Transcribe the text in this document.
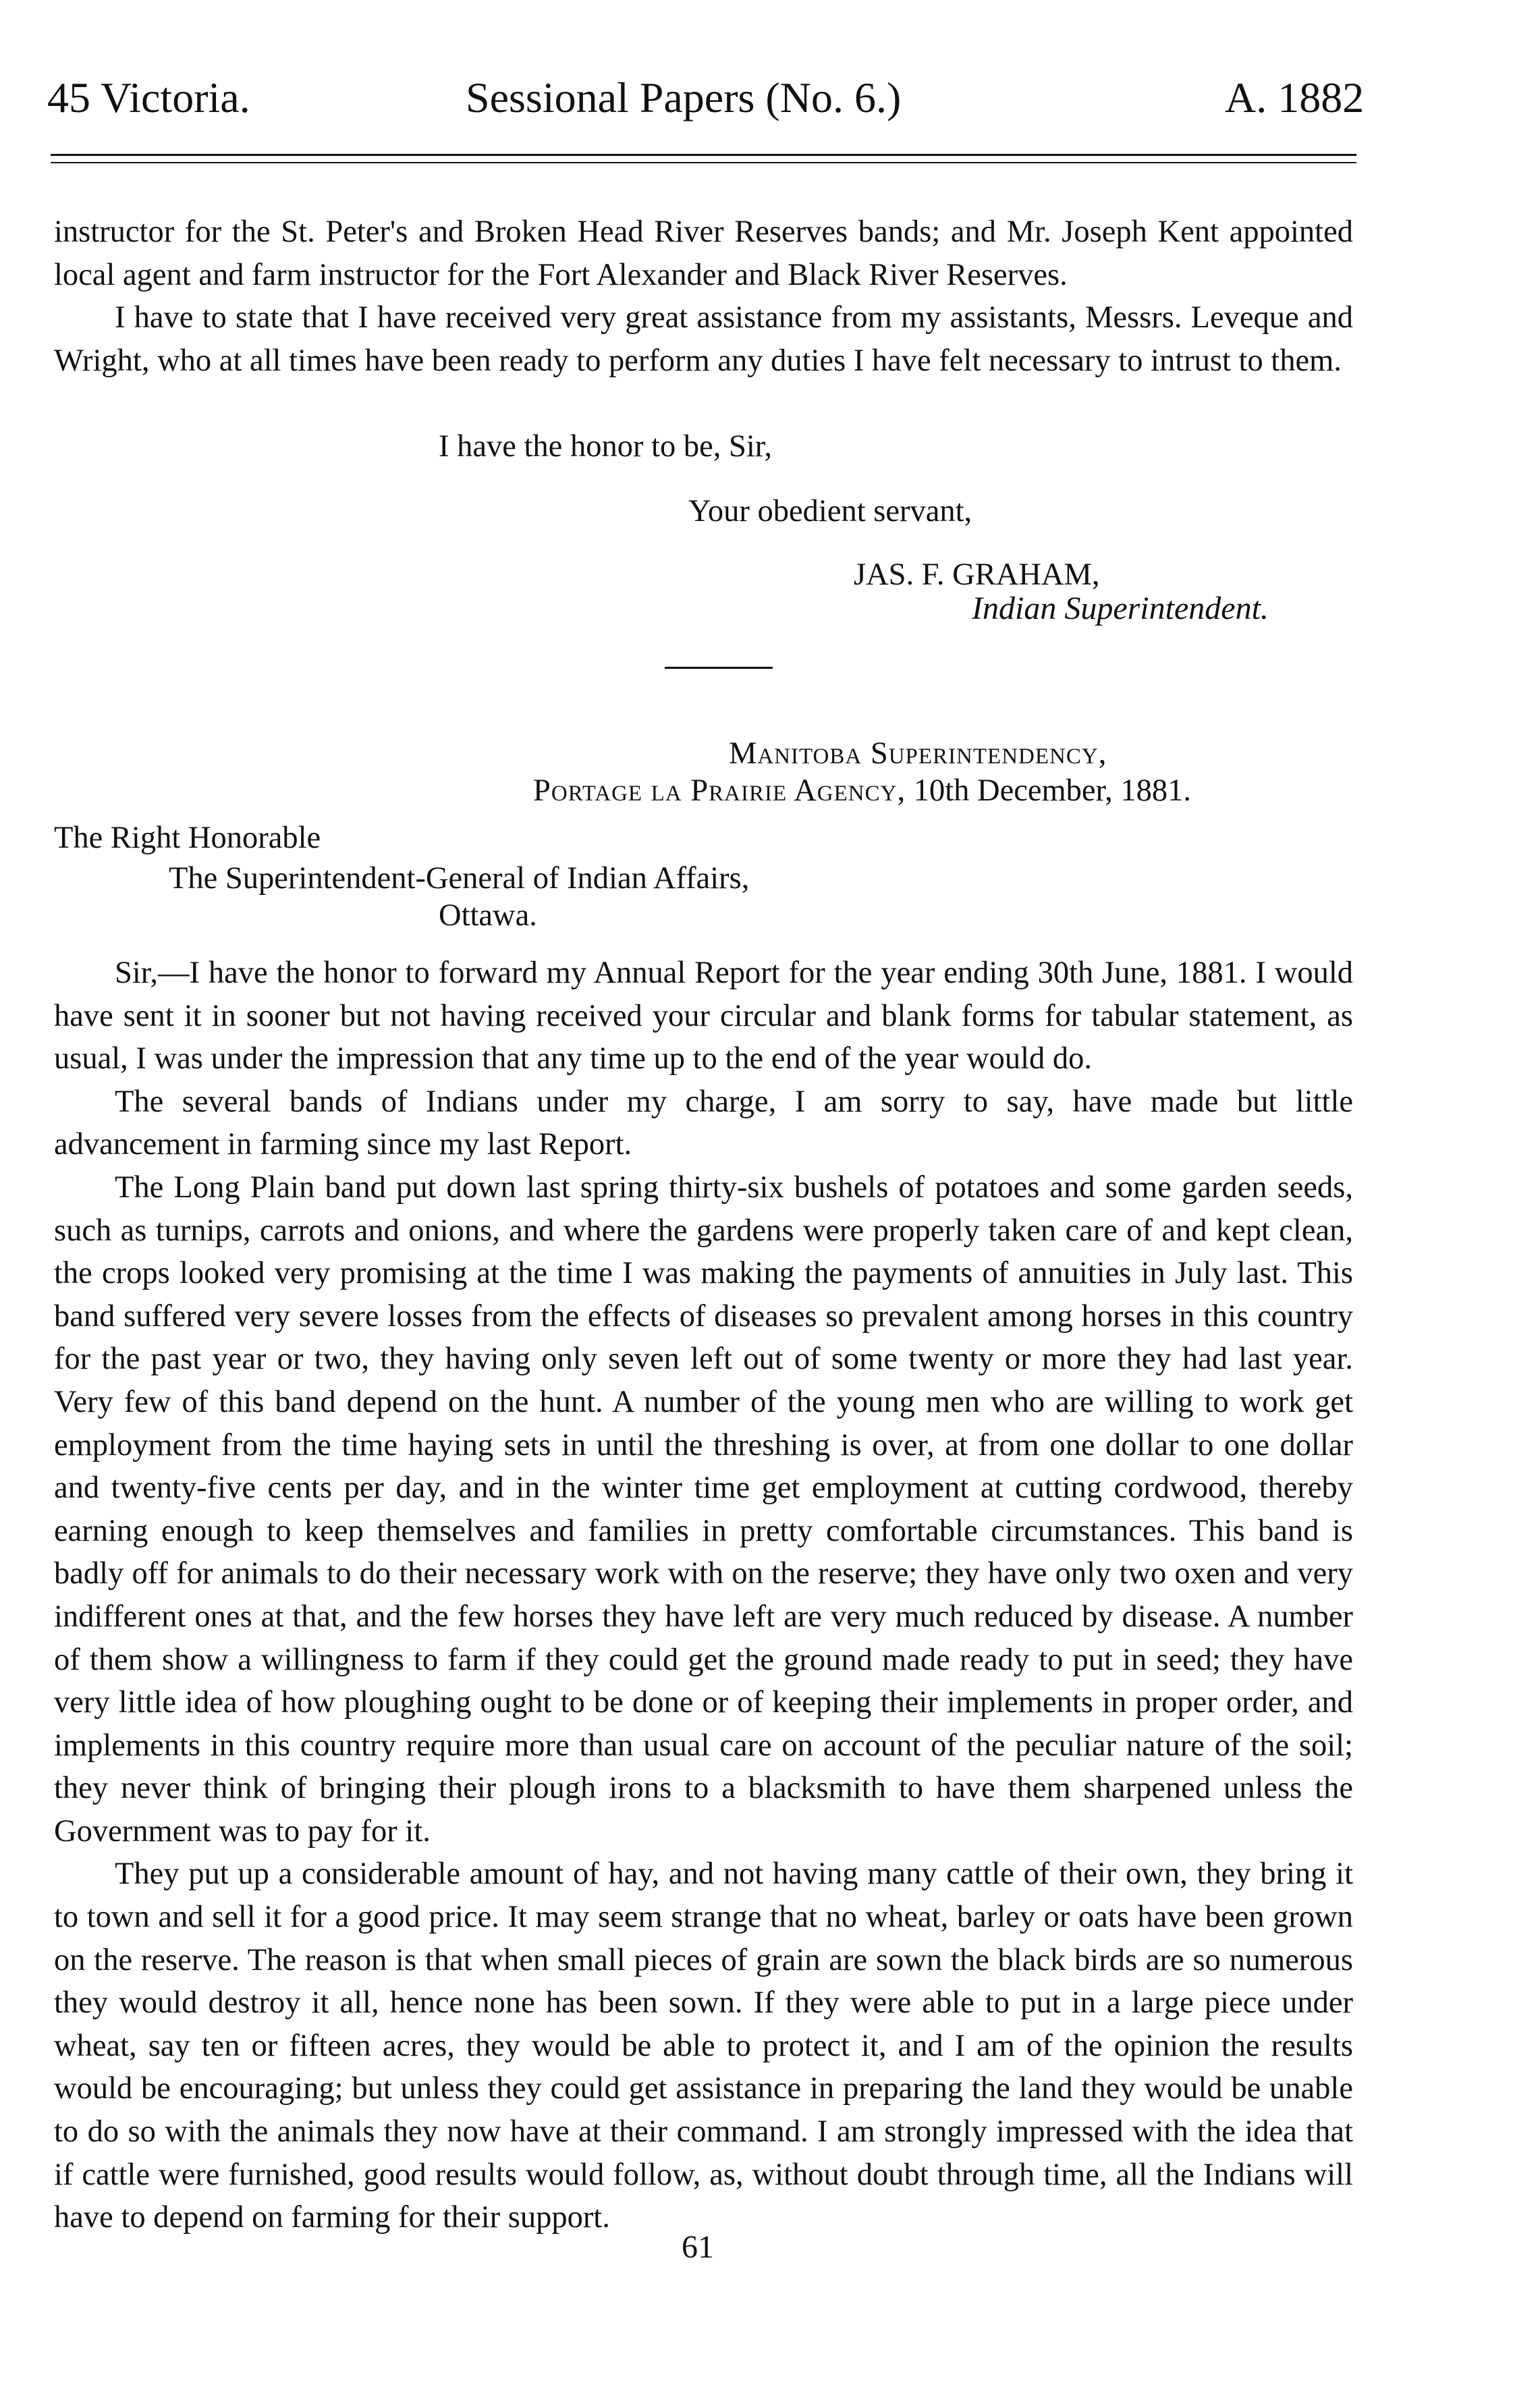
45 Victoria.	Sessional Papers (No. 6.)	A. 1882

instructor for the St. Peter's and Broken Head River Reserves bands; and Mr. Joseph Kent appointed local agent and farm instructor for the Fort Alexander and Black River Reserves.

I have to state that I have received very great assistance from my assistants, Messrs. Leveque and Wright, who at all times have been ready to perform any duties I have felt necessary to intrust to them.

I have the honor to be, Sir,

Your obedient servant,

JAS. F. GRAHAM,

Indian Superintendent.

Manitoba Superintendency,

Portage la Prairie Agency, 10th December, 1881.

The Right Honorable

The Superintendent-General of Indian Affairs,

Ottawa.

Sir,—I have the honor to forward my Annual Report for the year ending 30th June, 1881. I would have sent it in sooner but not having received your circular and blank forms for tabular statement, as usual, I was under the impression that any time up to the end of the year would do.

The several bands of Indians under my charge, I am sorry to say, have made but little advancement in farming since my last Report.

The Long Plain band put down last spring thirty-six bushels of potatoes and some garden seeds, such as turnips, carrots and onions, and where the gardens were properly taken care of and kept clean, the crops looked very promising at the time I was making the payments of annuities in July last. This band suffered very severe losses from the effects of diseases so prevalent among horses in this country for the past year or two, they having only seven left out of some twenty or more they had last year. Very few of this band depend on the hunt. A number of the young men who are willing to work get employment from the time haying sets in until the threshing is over, at from one dollar to one dollar and twenty-five cents per day, and in the winter time get employment at cutting cordwood, thereby earning enough to keep themselves and families in pretty comfortable circumstances. This band is badly off for animals to do their necessary work with on the reserve; they have only two oxen and very indifferent ones at that, and the few horses they have left are very much reduced by disease. A number of them show a willingness to farm if they could get the ground made ready to put in seed; they have very little idea of how ploughing ought to be done or of keeping their implements in proper order, and implements in this country require more than usual care on account of the peculiar nature of the soil; they never think of bringing their plough irons to a blacksmith to have them sharpened unless the Government was to pay for it.

They put up a considerable amount of hay, and not having many cattle of their own, they bring it to town and sell it for a good price. It may seem strange that no wheat, barley or oats have been grown on the reserve. The reason is that when small pieces of grain are sown the black birds are so numerous they would destroy it all, hence none has been sown. If they were able to put in a large piece under wheat, say ten or fifteen acres, they would be able to protect it, and I am of the opinion the results would be encouraging; but unless they could get assistance in preparing the land they would be unable to do so with the animals they now have at their command. I am strongly impressed with the idea that if cattle were furnished, good results would follow, as, without doubt through time, all the Indians will have to depend on farming for their support.

61
